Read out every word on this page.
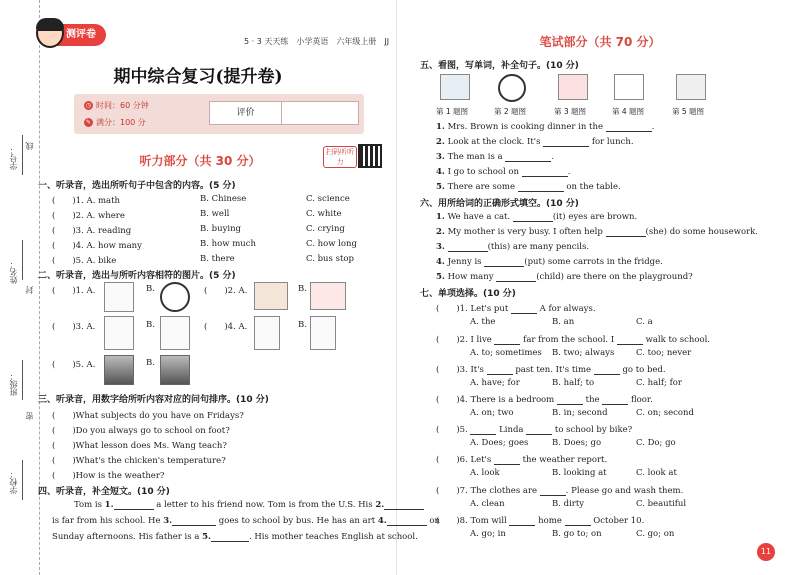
学号： 线
姓名：
封
班级：
密
学校：
测评卷
5 · 3 天天练　小学英语　六年级上册　JJ
期中综合复习(提升卷)
◷ 时间：60 分钟
✎ 满分：100 分
评价
听力部分（共 30 分）
扫码听听力
一、听录音，选出所听句子中包含的内容。(5 分)
(　　)1. A. math	B. Chinese	C. science
(　　)2. A. where	B. well	C. white
(　　)3. A. reading	B. buying	C. crying
(　　)4. A. how many	B. how much	C. how long
(　　)5. A. bike	B. there	C. bus stop
二、听录音，选出与所听内容相符的图片。(5 分)
(　　)1. A.	B.	(　　)2. A.	B.
(　　)3. A.	B.	(　　)4. A.	B.
(　　)5. A.	B.
三、听录音，用数字给所听内容对应的问句排序。(10 分)
(　　)What subjects do you have on Fridays?
(　　)Do you always go to school on foot?
(　　)What lesson does Ms. Wang teach?
(　　)What's the chicken's temperature?
(　　)How is the weather?
四、听录音，补全短文。(10 分)
Tom is 1.	a letter to his friend now. Tom is from the U.S. His 2.
is far from his school. He 3.	goes to school by bus. He has an art 4.	on
Sunday afternoons. His father is a 5.	. His mother teaches English at school.
笔试部分（共 70 分）
五、看图，写单词，补全句子。(10 分)
第 1 题图	第 2 题图	第 3 题图	第 4 题图	第 5 题图
1. Mrs. Brown is cooking dinner in the	.
2. Look at the clock. It's	for lunch.
3. The man is a	.
4. I go to school on	.
5. There are some	on the table.
六、用所给词的正确形式填空。(10 分)
1. We have a cat.	(it) eyes are brown.
2. My mother is very busy. I often help	(she) do some housework.
3.	(this) are many pencils.
4. Jenny is	(put) some carrots in the fridge.
5. How many	(child) are there on the playground?
七、单项选择。(10 分)
(　　)1. Let's put	A for always.
A. the	B. an	C. a
(　　)2. I live	far from the school. I	walk to school.
A. to; sometimes B. two; always	C. too; never
(　　)3. It's	past ten. It's time	go to bed.
A. have; for	B. half; to	C. half; for
(　　)4. There is a bedroom	the	floor.
A. on; two	B. in; second	C. on; second
(　　)5.	Linda	to school by bike?
A. Does; goes	B. Does; go	C. Do; go
(　　)6. Let's	the weather report.
A. look	B. looking at	C. look at
(　　)7. The clothes are	. Please go and wash them.
A. clean	B. dirty	C. beautiful
(　　)8. Tom will	home	October 10.
A. go; in	B. go to; on	C. go; on
11
